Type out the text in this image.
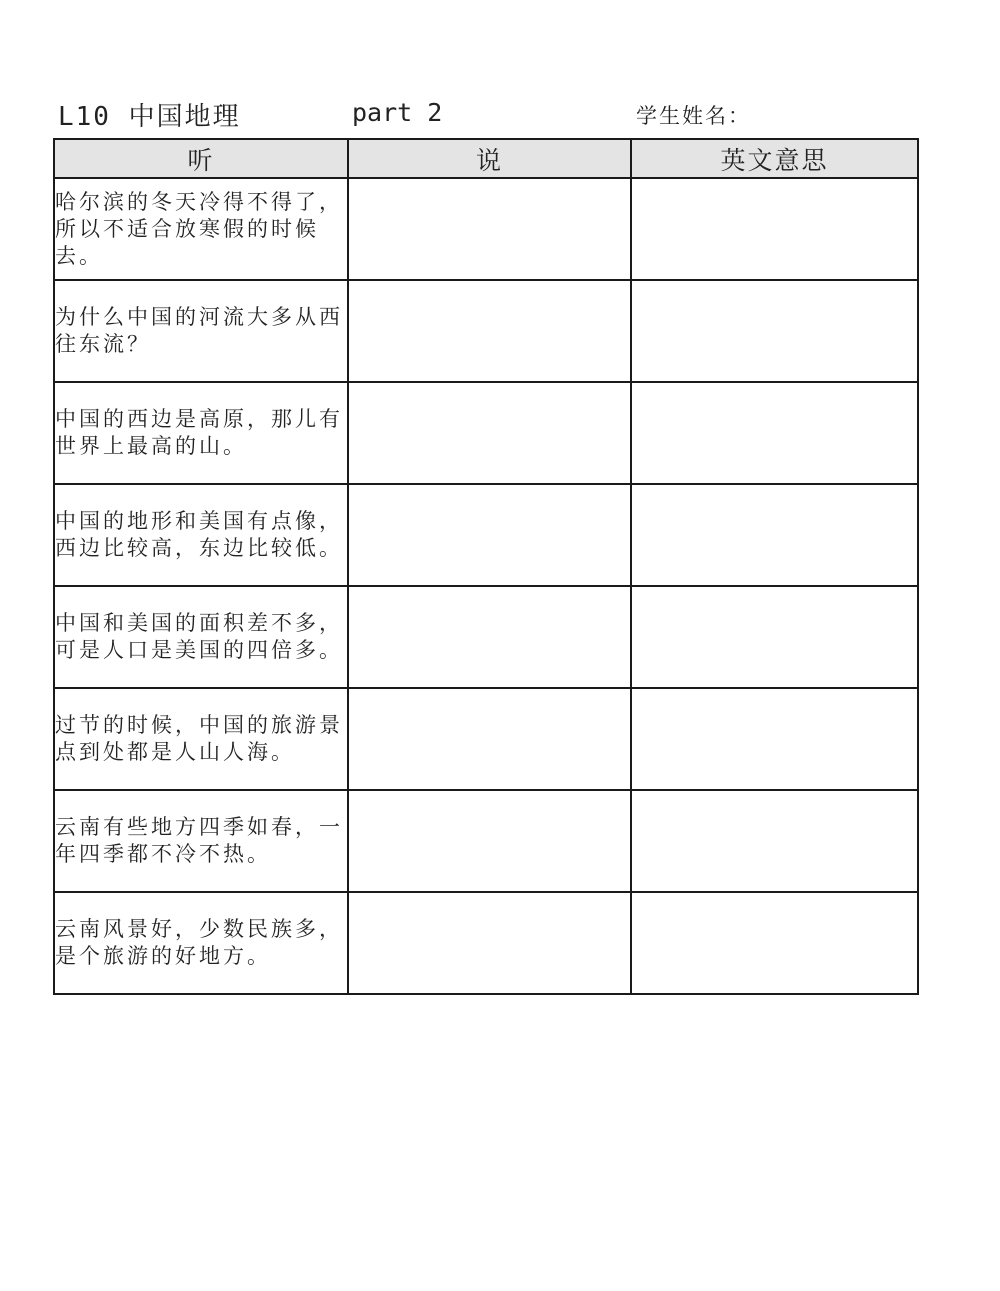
L10 中国地理	part 2	学生姓名：
听	说	英文意思
哈尔滨的冬天冷得不得了，所以不适合放寒假的时候去。		
为什么中国的河流大多从西往东流？		
中国的西边是高原，那儿有世界上最高的山。		
中国的地形和美国有点像，西边比较高，东边比较低。		
中国和美国的面积差不多，可是人口是美国的四倍多。		
过节的时候，中国的旅游景点到处都是人山人海。		
云南有些地方四季如春，一年四季都不冷不热。		
云南风景好，少数民族多，是个旅游的好地方。		
